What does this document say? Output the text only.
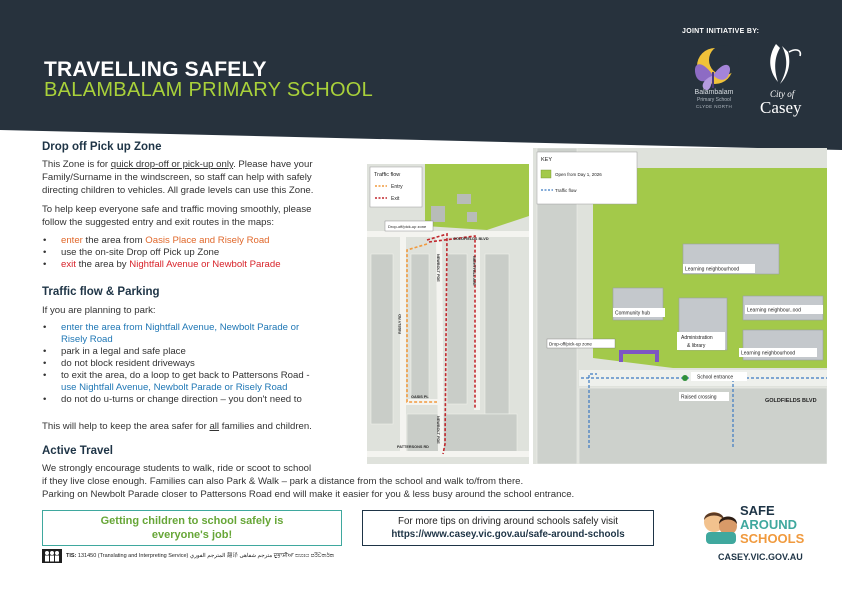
TRAVELLING SAFELY
BALAMBALAM PRIMARY SCHOOL
JOINT INITIATIVE BY:
Balambalam
Primary School
CLYDE NORTH
City of
Casey
Drop off Pick up Zone
This Zone is for quick drop-off or pick-up only. Please have your
Family/Surname in the windscreen, so staff can help with safely
directing children to vehicles. All grade levels can use this Zone.
To help keep everyone safe and traffic moving smoothly, please
follow the suggested entry and exit routes in the maps:
• enter the area from Oasis Place and Risely Road
• use the on-site Drop off Pick up Zone
• exit the area by Nightfall Avenue or Newbolt Parade
Traffic flow & Parking
If you are planning to park:
• enter the area from Nightfall Avenue, Newbolt Parade or
Risely Road
• park in a legal and safe place
• do not block resident driveways
• to exit the area, do a loop to get back to Pattersons Road -
use Nightfall Avenue, Newbolt Parade or Risely Road
• do not do u-turns or change direction – you don't need to
This will help to keep the area safer for all families and children.
Active Travel
We strongly encourage students to walk, ride or scoot to school
if they live close enough. Families can also Park & Walk – park a distance from the school and walk to/from there.
Parking on Newbolt Parade closer to Pattersons Road end will make it easier for you & less busy around the school entrance.
Traffic flow
Entry
Exit
Drop-off/pick-up zone
GOLDFIELDS BLVD
NEWBOLT PDE	NIGHTFALL AVE
RISELY RD
OASIS PL
NEWBOLT PDE
PATTERSONS RD
KEY
Open from Day 1, 2026
Traffic flow
Learning neighbourhood
Learning neighbour..ood
Learning neighbourhood
Community hub
Administration
& library
Drop-off/pick-up zone
School entrance
Raised crossing
GOLDFIELDS BLVD
Getting children to school safely is
everyone's job!
For more tips on driving around schools safely visit
https://www.casey.vic.gov.au/safe-around-schools
SAFE
AROUND
SCHOOLS
CASEY.VIC.GOV.AU
TIS: 131450 (Translating and Interpreting Service) المترجم الفوري 翻译 مترجم شفاهی ਦੁਭਾਸ਼ੀਆ සහාය පරිවර්තක
